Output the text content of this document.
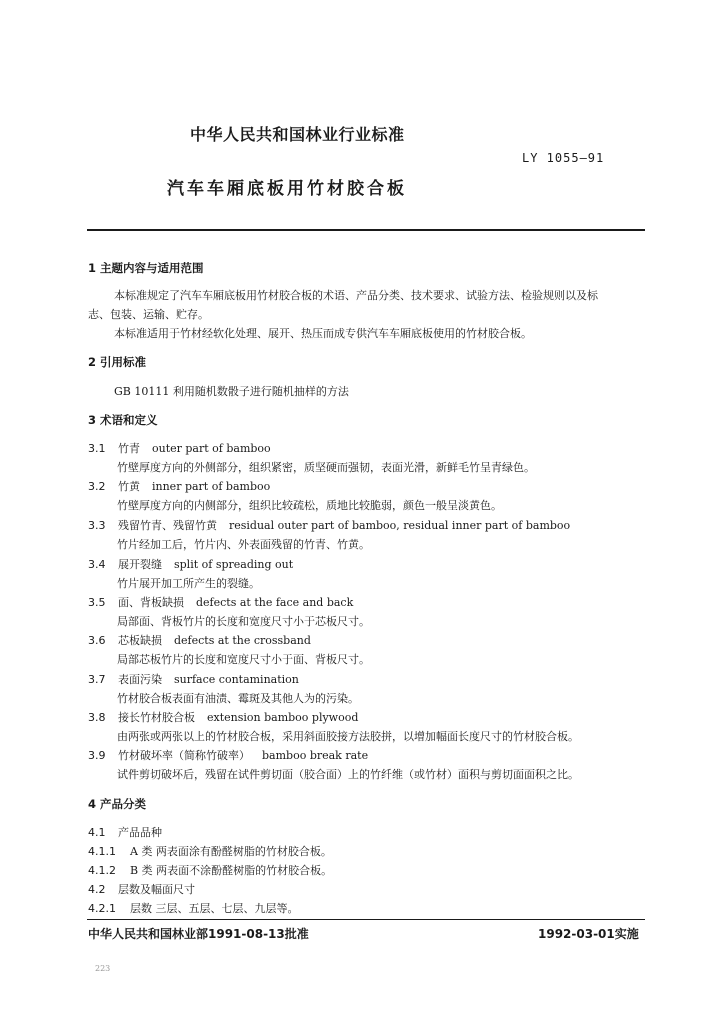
中华人民共和国林业行业标准
LY 1055—91
汽车车厢底板用竹材胶合板
1 主题内容与适用范围
本标准规定了汽车车厢底板用竹材胶合板的术语、产品分类、技术要求、试验方法、检验规则以及标
志、包装、运输、贮存。
本标准适用于竹材经软化处理、展开、热压而成专供汽车车厢底板使用的竹材胶合板。
2 引用标准
GB 10111 利用随机数骰子进行随机抽样的方法
3 术语和定义
3.1 竹青 outer part of bamboo
竹壁厚度方向的外侧部分，组织紧密，质坚硬而强韧，表面光滑，新鲜毛竹呈青绿色。
3.2 竹黄 inner part of bamboo
竹壁厚度方向的内侧部分，组织比较疏松，质地比较脆弱，颜色一般呈淡黄色。
3.3 残留竹青、残留竹黄 residual outer part of bamboo, residual inner part of bamboo
竹片经加工后，竹片内、外表面残留的竹青、竹黄。
3.4 展开裂缝 split of spreading out
竹片展开加工所产生的裂缝。
3.5 面、背板缺损 defects at the face and back
局部面、背板竹片的长度和宽度尺寸小于芯板尺寸。
3.6 芯板缺损 defects at the crossband
局部芯板竹片的长度和宽度尺寸小于面、背板尺寸。
3.7 表面污染 surface contamination
竹材胶合板表面有油渍、霉斑及其他人为的污染。
3.8 接长竹材胶合板 extension bamboo plywood
由两张或两张以上的竹材胶合板，采用斜面胶接方法胶拼，以增加幅面长度尺寸的竹材胶合板。
3.9 竹材破坏率（简称竹破率） bamboo break rate
试件剪切破坏后，残留在试件剪切面（胶合面）上的竹纤维（或竹材）面积与剪切面面积之比。
4 产品分类
4.1 产品品种
4.1.1 A 类 两表面涂有酚醛树脂的竹材胶合板。
4.1.2 B 类 两表面不涂酚醛树脂的竹材胶合板。
4.2 层数及幅面尺寸
4.2.1 层数 三层、五层、七层、九层等。
中华人民共和国林业部1991-08-13批准	1992-03-01实施
223
